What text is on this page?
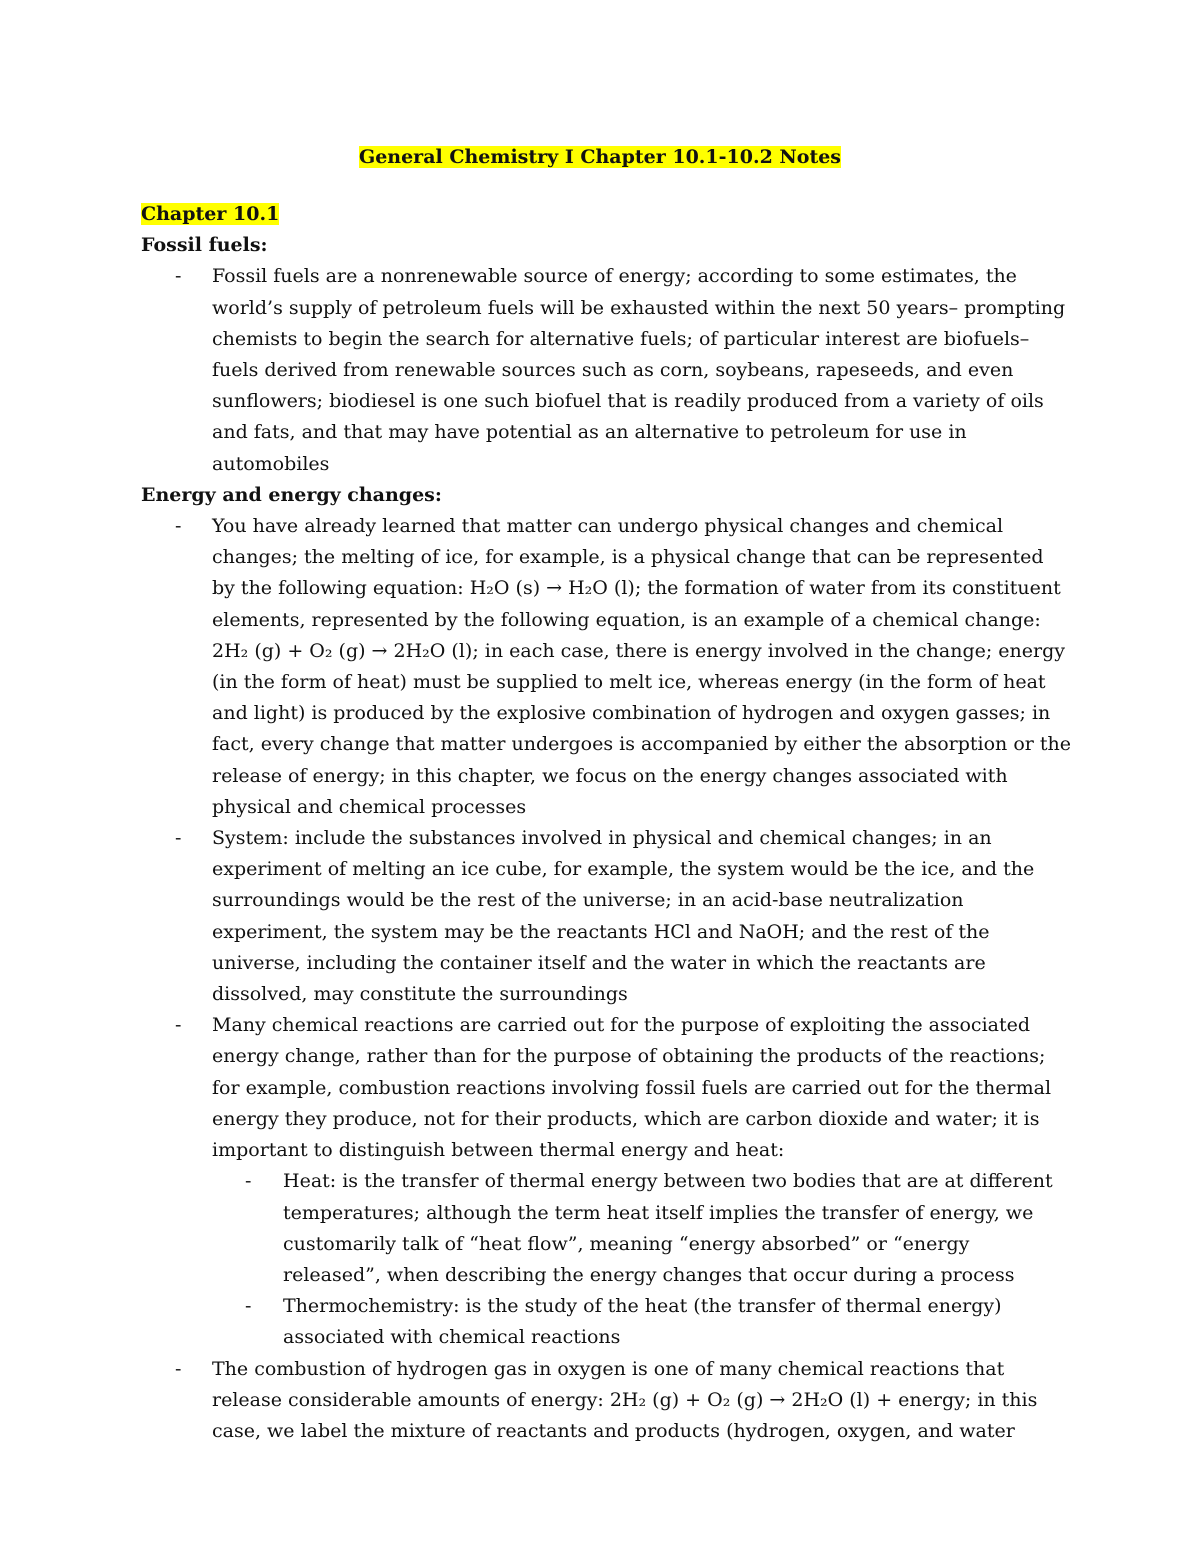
General Chemistry I Chapter 10.1-10.2 Notes

Chapter 10.1

Fossil fuels:

- Fossil fuels are a nonrenewable source of energy; according to some estimates, the world’s supply of petroleum fuels will be exhausted within the next 50 years– prompting chemists to begin the search for alternative fuels; of particular interest are biofuels– fuels derived from renewable sources such as corn, soybeans, rapeseeds, and even sunflowers; biodiesel is one such biofuel that is readily produced from a variety of oils and fats, and that may have potential as an alternative to petroleum for use in automobiles

Energy and energy changes:

- You have already learned that matter can undergo physical changes and chemical changes; the melting of ice, for example, is a physical change that can be represented by the following equation: H₂O (s) → H₂O (l); the formation of water from its constituent elements, represented by the following equation, is an example of a chemical change: 2H₂ (g) + O₂ (g) → 2H₂O (l); in each case, there is energy involved in the change; energy (in the form of heat) must be supplied to melt ice, whereas energy (in the form of heat and light) is produced by the explosive combination of hydrogen and oxygen gasses; in fact, every change that matter undergoes is accompanied by either the absorption or the release of energy; in this chapter, we focus on the energy changes associated with physical and chemical processes

- System: include the substances involved in physical and chemical changes; in an experiment of melting an ice cube, for example, the system would be the ice, and the surroundings would be the rest of the universe; in an acid-base neutralization experiment, the system may be the reactants HCl and NaOH; and the rest of the universe, including the container itself and the water in which the reactants are dissolved, may constitute the surroundings

- Many chemical reactions are carried out for the purpose of exploiting the associated energy change, rather than for the purpose of obtaining the products of the reactions; for example, combustion reactions involving fossil fuels are carried out for the thermal energy they produce, not for their products, which are carbon dioxide and water; it is important to distinguish between thermal energy and heat:

- Heat: is the transfer of thermal energy between two bodies that are at different temperatures; although the term heat itself implies the transfer of energy, we customarily talk of “heat flow”, meaning “energy absorbed” or “energy released”, when describing the energy changes that occur during a process

- Thermochemistry: is the study of the heat (the transfer of thermal energy) associated with chemical reactions

- The combustion of hydrogen gas in oxygen is one of many chemical reactions that release considerable amounts of energy: 2H₂ (g) + O₂ (g) → 2H₂O (l) + energy; in this case, we label the mixture of reactants and products (hydrogen, oxygen, and water
